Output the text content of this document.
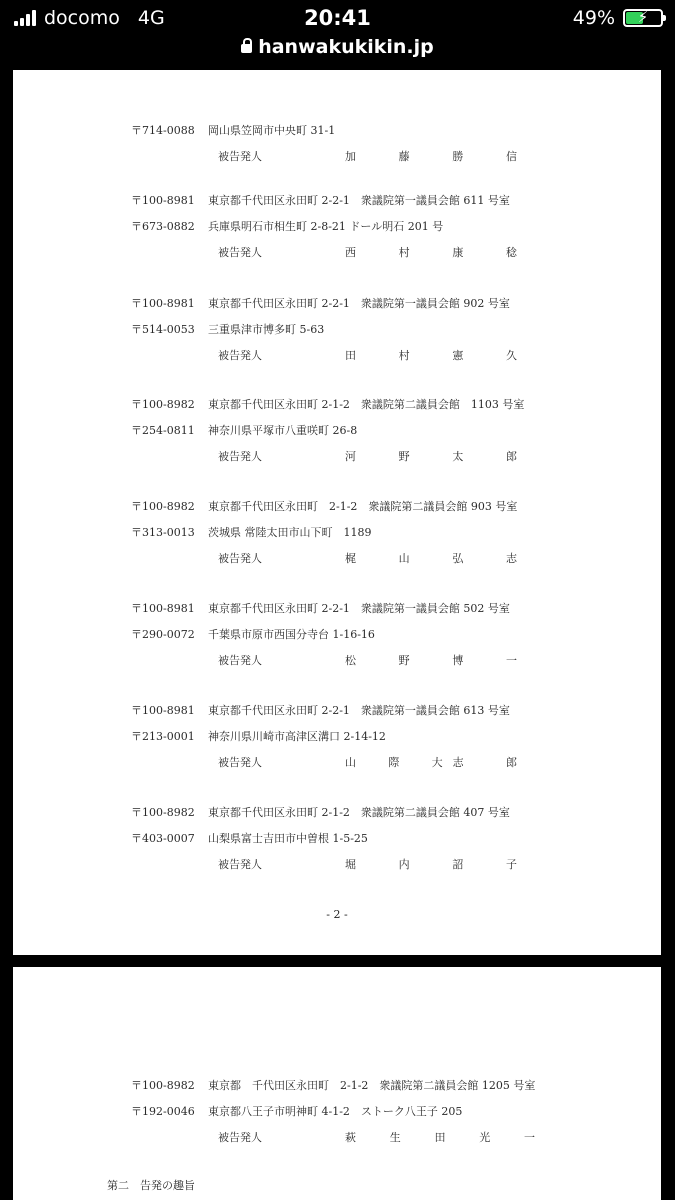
docomo 4G	20:41	49%	⚡
hanwakukikin.jp
- 2 -
〒714-0088 岡山県笠岡市中央町 31-1
被告発人	加	藤	勝	信
〒100-8981 東京都千代田区永田町 2-2-1　衆議院第一議員会館 611 号室
〒673-0882 兵庫県明石市相生町 2-8-21 ドール明石 201 号
被告発人	西	村	康	稔
〒100-8981 東京都千代田区永田町 2-2-1　衆議院第一議員会館 902 号室
〒514-0053 三重県津市博多町 5-63
被告発人	田	村	憲	久
〒100-8982 東京都千代田区永田町 2-1-2　衆議院第二議員会館　1103 号室
〒254-0811 神奈川県平塚市八重咲町 26-8
被告発人	河	野	太	郎
〒100-8982 東京都千代田区永田町　2-1-2　衆議院第二議員会館 903 号室
〒313-0013 茨城県 常陸太田市山下町　1189
被告発人	梶	山	弘	志
〒100-8981 東京都千代田区永田町 2-2-1　衆議院第一議員会館 502 号室
〒290-0072 千葉県市原市西国分寺台 1-16-16
被告発人	松	野	博	一
〒100-8981 東京都千代田区永田町 2-2-1　衆議院第一議員会館 613 号室
〒213-0001 神奈川県川崎市高津区溝口 2-14-12
被告発人	山	際	大志	郎
〒100-8982 東京都千代田区永田町 2-1-2　衆議院第二議員会館 407 号室
〒403-0007 山梨県富士吉田市中曽根 1-5-25
被告発人	堀	内	詔	子
第二　告発の趣旨
〒100-8982 東京都　千代田区永田町　2-1-2　衆議院第二議員会館 1205 号室
〒192-0046 東京都八王子市明神町 4-1-2　ストーク八王子 205
被告発人	萩	生	田	光	一
